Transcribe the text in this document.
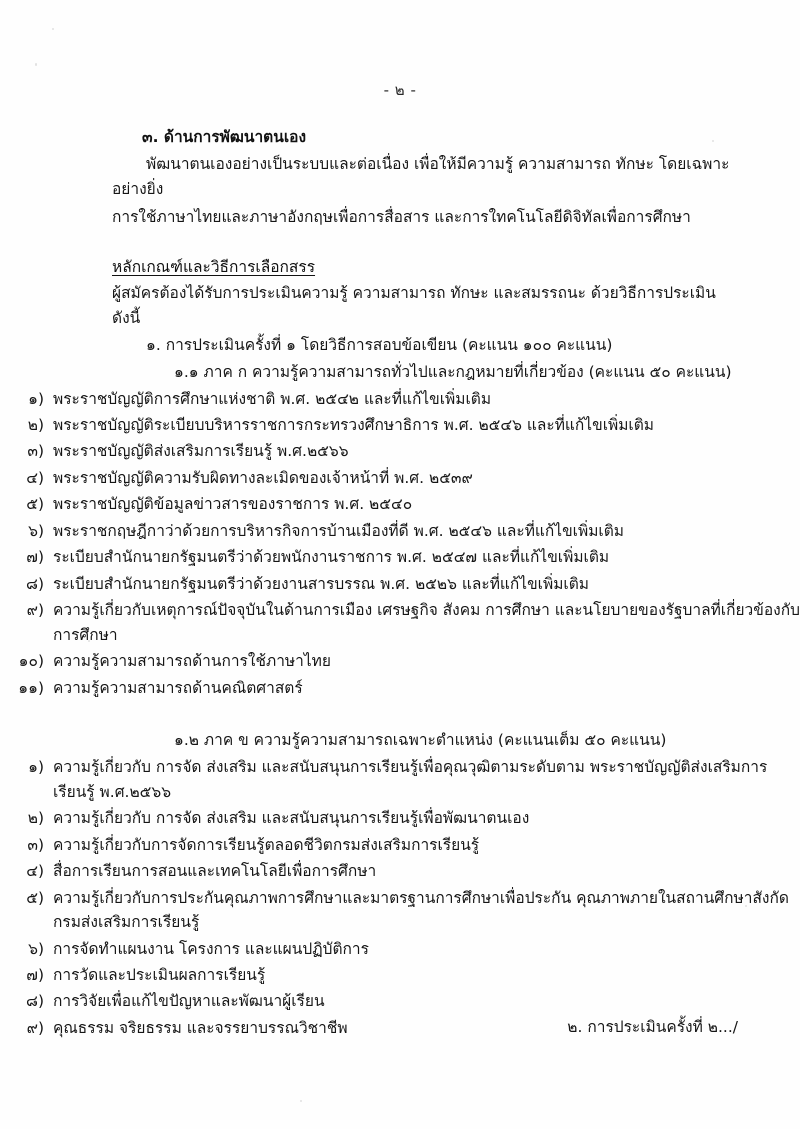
- ๒ -
๓. ด้านการพัฒนาตนเอง
พัฒนาตนเองอย่างเป็นระบบและต่อเนื่อง เพื่อให้มีความรู้ ความสามารถ ทักษะ โดยเฉพาะอย่างยิ่ง
การใช้ภาษาไทยและภาษาอังกฤษเพื่อการสื่อสาร และการใทคโนโลยีดิจิทัลเพื่อการศึกษา
หลักเกณฑ์และวิธีการเลือกสรร
ผู้สมัครต้องได้รับการประเมินความรู้ ความสามารถ ทักษะ และสมรรถนะ ด้วยวิธีการประเมิน ดังนี้
๑. การประเมินครั้งที่ ๑ โดยวิธีการสอบข้อเขียน (คะแนน ๑๐๐ คะแนน)
๑.๑ ภาค ก ความรู้ความสามารถทั่วไปและกฎหมายที่เกี่ยวข้อง (คะแนน ๕๐ คะแนน)
๑) พระราชบัญญัติการศึกษาแห่งชาติ พ.ศ. ๒๕๔๒ และที่แก้ไขเพิ่มเติม
๒) พระราชบัญญัติระเบียบบริหารราชการกระทรวงศึกษาธิการ พ.ศ. ๒๕๔๖ และที่แก้ไขเพิ่มเติม
๓) พระราชบัญญัติส่งเสริมการเรียนรู้ พ.ศ.๒๕๖๖
๔) พระราชบัญญัติความรับผิดทางละเมิดของเจ้าหน้าที่ พ.ศ. ๒๕๓๙
๕) พระราชบัญญัติข้อมูลข่าวสารของราชการ พ.ศ. ๒๕๔๐
๖) พระราชกฤษฎีกาว่าด้วยการบริหารกิจการบ้านเมืองที่ดี พ.ศ. ๒๕๔๖ และที่แก้ไขเพิ่มเติม
๗) ระเบียบสำนักนายกรัฐมนตรีว่าด้วยพนักงานราชการ พ.ศ. ๒๕๔๗ และที่แก้ไขเพิ่มเติม
๘) ระเบียบสำนักนายกรัฐมนตรีว่าด้วยงานสารบรรณ พ.ศ. ๒๕๒๖ และที่แก้ไขเพิ่มเติม
๙) ความรู้เกี่ยวกับเหตุการณ์ปัจจุบันในด้านการเมือง เศรษฐกิจ สังคม การศึกษา และนโยบายของรัฐบาลที่เกี่ยวข้องกับการศึกษา
๑๐) ความรู้ความสามารถด้านการใช้ภาษาไทย
๑๑) ความรู้ความสามารถด้านคณิตศาสตร์
๑.๒ ภาค ข ความรู้ความสามารถเฉพาะตำแหน่ง (คะแนนเต็ม ๕๐ คะแนน)
๑) ความรู้เกี่ยวกับ การจัด ส่งเสริม และสนับสนุนการเรียนรู้เพื่อคุณวุฒิตามระดับตาม พระราชบัญญัติส่งเสริมการเรียนรู้ พ.ศ.๒๕๖๖
๒) ความรู้เกี่ยวกับ การจัด ส่งเสริม และสนับสนุนการเรียนรู้เพื่อพัฒนาตนเอง
๓) ความรู้เกี่ยวกับการจัดการเรียนรู้ตลอดชีวิตกรมส่งเสริมการเรียนรู้
๔) สื่อการเรียนการสอนและเทคโนโลยีเพื่อการศึกษา
๕) ความรู้เกี่ยวกับการประกันคุณภาพการศึกษาและมาตรฐานการศึกษาเพื่อประกัน คุณภาพภายในสถานศึกษาสังกัดกรมส่งเสริมการเรียนรู้
๖) การจัดทำแผนงาน โครงการ และแผนปฏิบัติการ
๗) การวัดและประเมินผลการเรียนรู้
๘) การวิจัยเพื่อแก้ไขปัญหาและพัฒนาผู้เรียน
๙) คุณธรรม จริยธรรม และจรรยาบรรณวิชาชีพ	๒. การประเมินครั้งที่ ๒.../
